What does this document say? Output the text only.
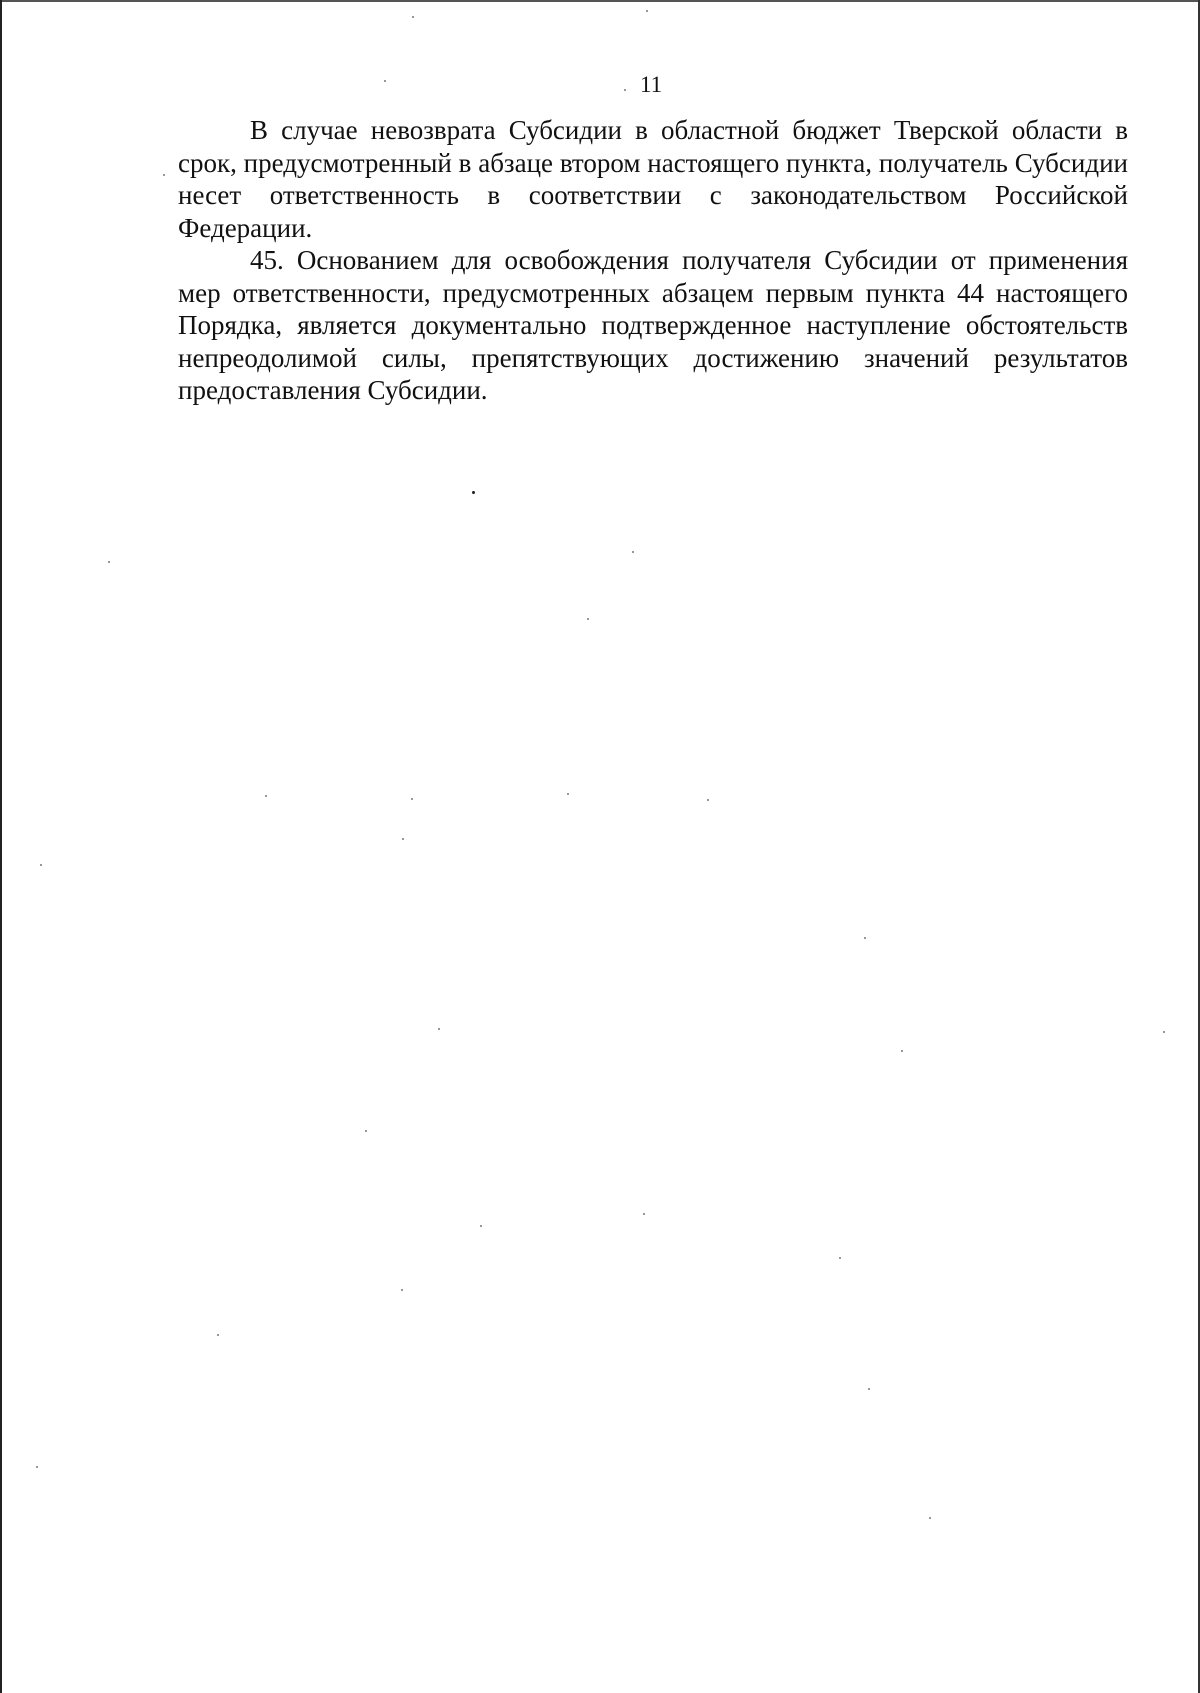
11

В случае невозврата Субсидии в областной бюджет Тверской области в срок, предусмотренный в абзаце втором настоящего пункта, получатель Субсидии несет ответственность в соответствии с законодательством Российской Федерации.

45. Основанием для освобождения получателя Субсидии от применения мер ответственности, предусмотренных абзацем первым пункта 44 настоящего Порядка, является документально подтвержденное наступление обстоятельств непреодолимой силы, препятствующих достижению значений результатов предоставления Субсидии.
